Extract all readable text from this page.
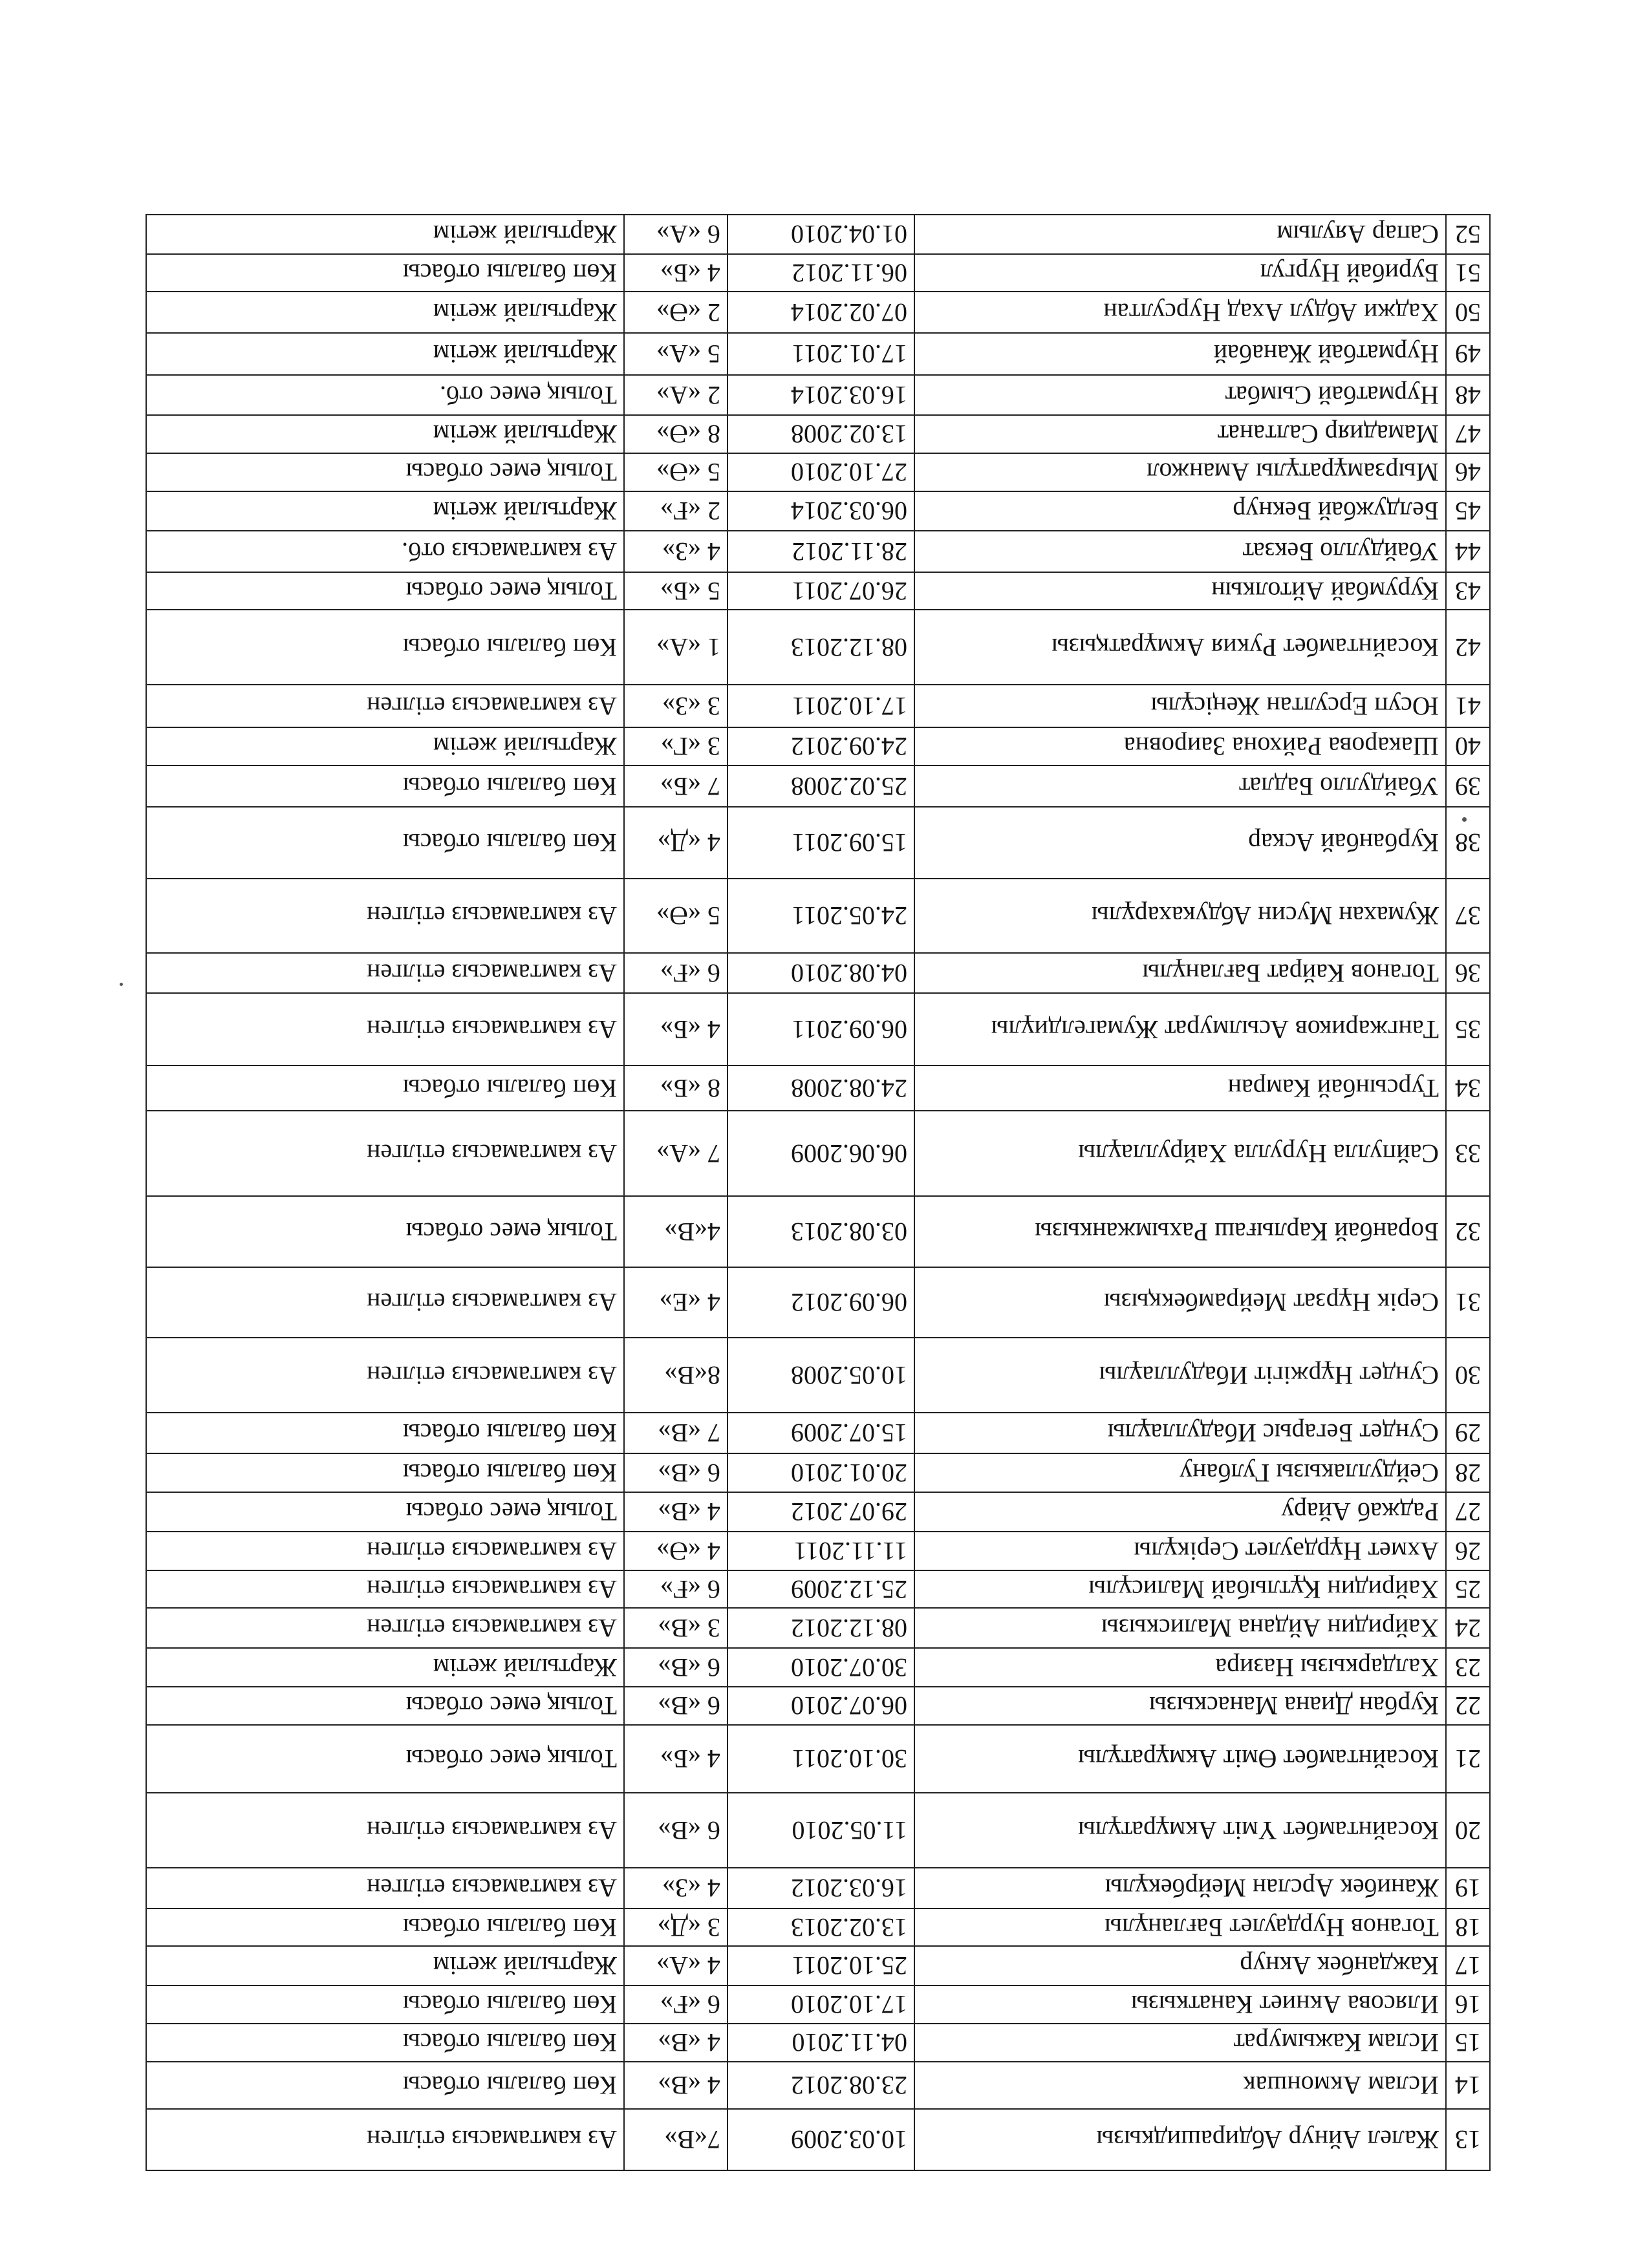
13	Жалел Айнур Абдирашидкызы	10.03.2009	7«В»	Аз камтамасыз етілген
14	Ислам Акмоншак	23.08.2012	4 «В»	Көп балалы отбасы
15	Ислам Кажымурат	04.11.2010	4 «В»	Көп балалы отбасы
16	Илясова Акниет Канаткызы	17.10.2010	6 «Ғ»	Көп балалы отбасы
17	Кажданбек Акнур	25.10.2011	4 «А»	Жартылай жетім
18	Тоганов Нурдаулет Бағланұлы	13.02.2013	3 «Д»	Көп балалы отбасы
19	Жанибек Арслан Мейрбекұлы	16.03.2012	4 «З»	Аз камтамасыз етілген
20	Косайнтамбет Үміт Акмұратұлы	11.05.2010	6 «В»	Аз камтамасыз етілген
21	Косайнтамбет Өміт Акмұратұлы	30.10.2011	4 «Б»	Толық емес отбасы
22	Курбан Диана Манаскызы	06.07.2010	6 «В»	Толық емес отбасы
23	Халдаркызы Назира	30.07.2010	6 «В»	Жартылай жетім
24	Хайридин Айдана Малискызы	08.12.2012	3 «В»	Аз камтамасыз етілген
25	Хайридин Құтлыбай Малисұлы	25.12.2009	6 «Ғ»	Аз камтамасыз етілген
26	Ахмет Нұрдәулет Серікұлы	11.11.2011	4 «Ә»	Аз камтамасыз етілген
27	Раджаб Айару	29.07.2012	4 «В»	Толық емес отбасы
28	Сейдуллакызы Гулбану	20.01.2010	6 «В»	Көп балалы отбасы
29	Сундет Бегарыс Ибадуллаұлы	15.07.2009	7 «В»	Көп балалы отбасы
30	Сундет Нұржігіт Ибадуллаұлы	10.05.2008	8«В»	Аз камтамасыз етілген
31	Серік Нұрзат Мейрамбекқызы	06.09.2012	4 «Е»	Аз камтамасыз етілген
32	Боранбай Карлығаш Рахымжанкызы	03.08.2013	4«В»	Толық емес отбасы
33	Сайпулла Нурулла Хайруллаұлы	06.06.2009	7 «А»	Аз камтамасыз етілген
34	Турсынбай Камран	24.08.2008	8 «Б»	Көп балалы отбасы
35	Тангжариков Асылмурат Жумагелдиұлы	06.09.2011	4 «Б»	Аз камтамасыз етілген
36	Тоганов Кайрат Бағланұлы	04.08.2010	6 «Ғ»	Аз камтамасыз етілген
37	Жумахан Мусин Абдукахарұлы	24.05.2011	5 «Ә»	Аз камтамасыз етілген
38	Курбанбай Аскар	15.09.2011	4 «Д»	Көп балалы отбасы
39	Убайдулло Бадлат	25.02.2008	7 «Б»	Көп балалы отбасы
40	Шакарова Райхона Заировна	24.09.2012	3 «Г»	Жартылай жетім
41	Юсуп Ерсултан Жеңісұлы	17.10.2011	3 «З»	Аз камтамасыз етілген
42	Косайнтамбет Рукия Акмұратқызы	08.12.2013	1 «А»	Көп балалы отбасы
43	Курумбай Айтолкын	26.07.2011	5 «Б»	Толық емес отбасы
44	Убайдулло Бекзат	28.11.2012	4 «З»	Аз камтамасыз отб.
45	Белдужбай Бекнур	06.03.2014	2 «Ғ»	Жартылай жетім
46	Мырзамұратұлы Аманжол	27.10.2010	5 «Ә»	Толық емес отбасы
47	Мамадияр Салтанат	13.02.2008	8 «Ә»	Жартылай жетім
48	Нурматбай Сымбат	16.03.2014	2 «А»	Толық емес отб.
49	Нурматбай Жанабай	17.01.2011	5 «А»	Жартылай жетім
50	Хаджи Абдул Ахад Нурсултан	07.02.2014	2 «Ә»	Жартылай жетім
51	Бурибай Нургул	06.11.2012	4 «Б»	Көп балалы отбасы
52	Сапар Аяулым	01.04.2010	6 «А»	Жартылай жетім
